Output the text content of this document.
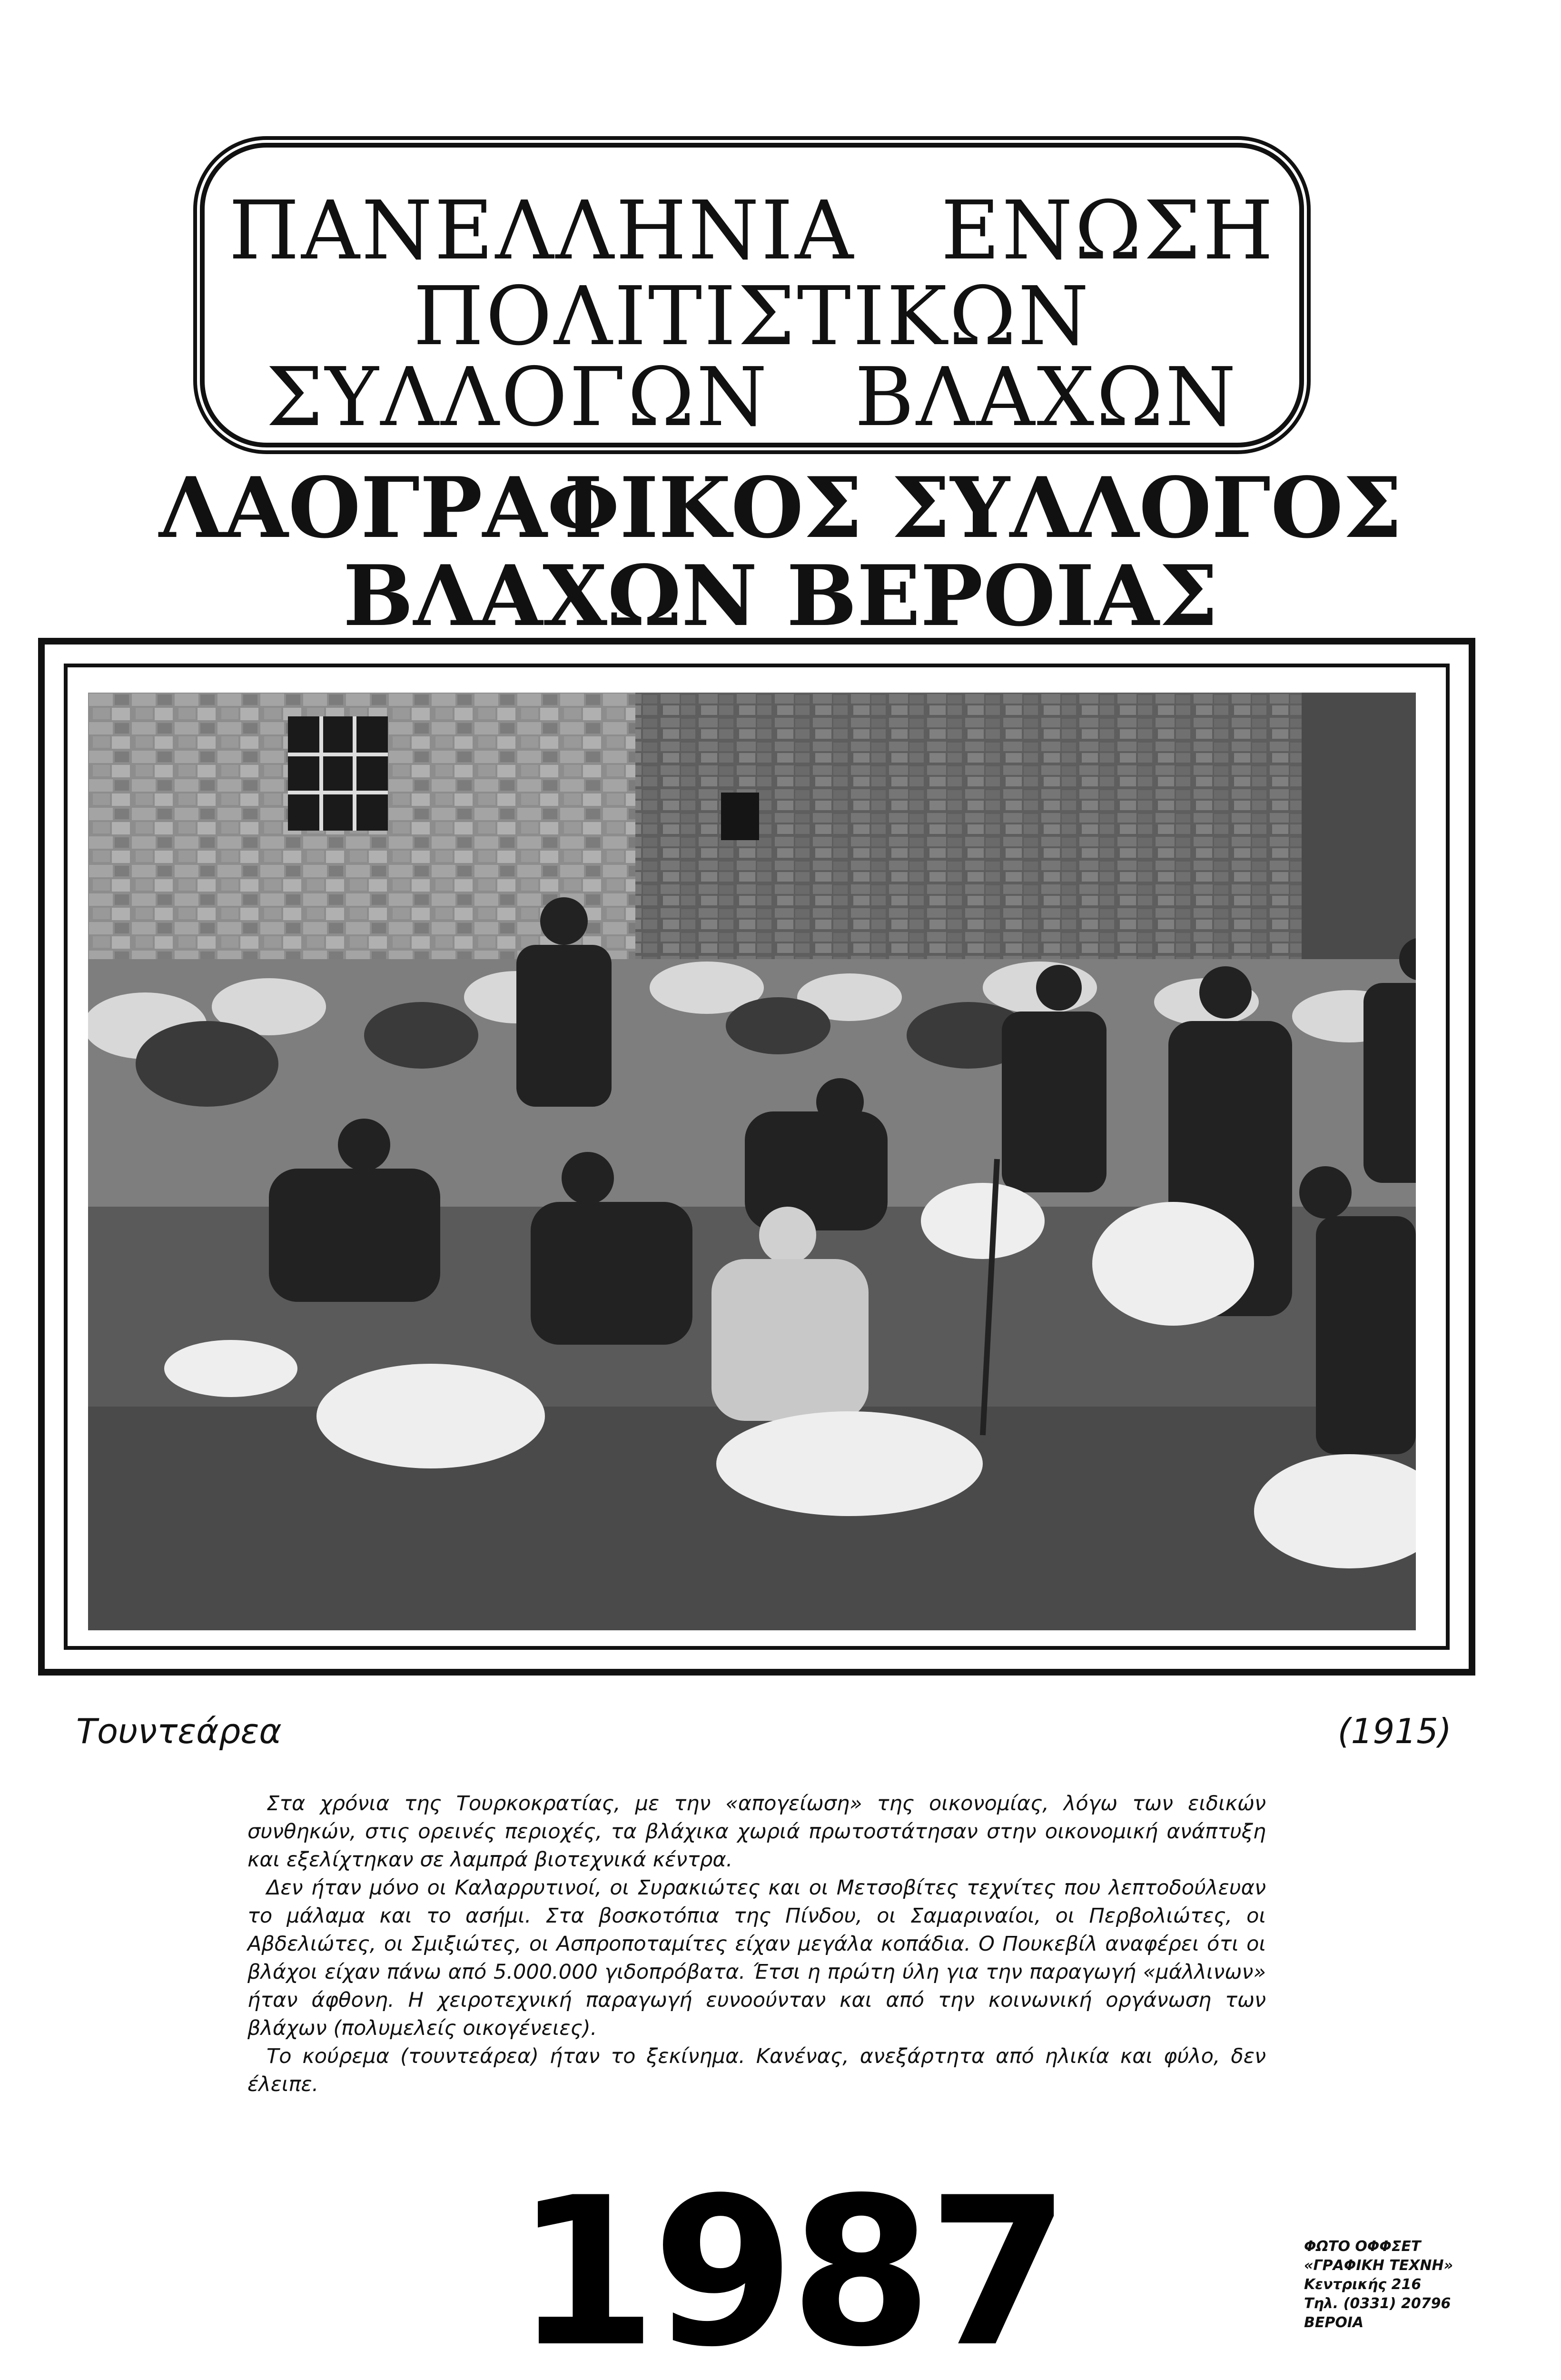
ΠΑΝΕΛΛΗΝΙΑ ΕΝΩΣΗ
ΠΟΛΙΤΙΣΤΙΚΩΝ
ΣΥΛΛΟΓΩΝ ΒΛΑΧΩΝ
ΛΑΟΓΡΑΦΙΚΟΣ ΣΥΛΛΟΓΟΣ
ΒΛΑΧΩΝ ΒΕΡΟΙΑΣ
Τουντεάρεα	(1915)

Στα χρόνια της Τουρκοκρατίας, με την «απογείωση» της οικονομίας, λόγω των ειδικών συνθηκών, στις ορεινές περιοχές, τα βλάχικα χωριά πρωτοστάτησαν στην οικονομική ανάπτυξη και εξελίχτηκαν σε λαμπρά βιοτεχνικά κέντρα.

Δεν ήταν μόνο οι Καλαρρυτινοί, οι Συρακιώτες και οι Μετσοβίτες τεχνίτες που λεπτοδούλευαν το μάλαμα και το ασήμι. Στα βοσκοτόπια της Πίνδου, οι Σαμαριναίοι, οι Περβολιώτες, οι Αβδελιώτες, οι Σμιξιώτες, οι Ασπροποταμίτες είχαν μεγάλα κοπάδια. Ο Πουκεβίλ αναφέρει ότι οι βλάχοι είχαν πάνω από 5.000.000 γιδοπρόβατα. Έτσι η πρώτη ύλη για την παραγωγή «μάλλινων» ήταν άφθονη. Η χειροτεχνική παραγωγή ευνοούνταν και από την κοινωνική οργάνωση των βλάχων (πολυμελείς οικογένειες).

Το κούρεμα (τουντεάρεα) ήταν το ξεκίνημα. Κανένας, ανεξάρτητα από ηλικία και φύλο, δεν έλειπε.

1987	ΦΩΤΟ ΟΦΦΣΕΤ
«ΓΡΑΦΙΚΗ ΤΕΧΝΗ»
Κεντρικής 216
Τηλ. (0331) 20796
ΒΕΡΟΙΑ
